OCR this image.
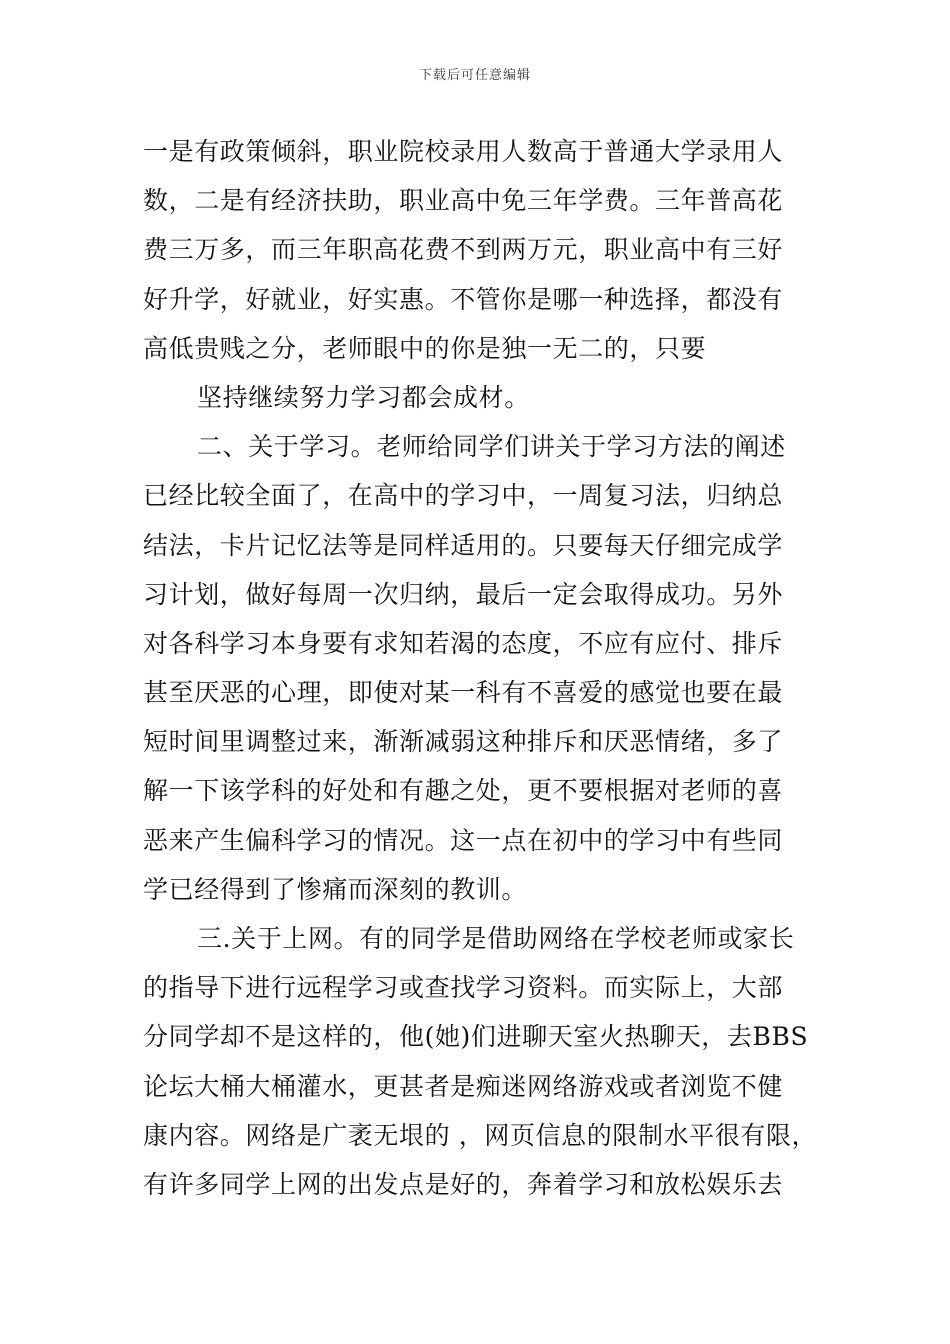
下载后可任意编辑
一是有政策倾斜，职业院校录用人数高于普通大学录用人
数，二是有经济扶助，职业高中免三年学费。三年普高花
费三万多，而三年职高花费不到两万元，职业高中有三好
好升学，好就业，好实惠。不管你是哪一种选择，都没有
高低贵贱之分，老师眼中的你是独一无二的，只要
坚持继续努力学习都会成材。
二、关于学习。老师给同学们讲关于学习方法的阐述
已经比较全面了，在高中的学习中，一周复习法，归纳总
结法，卡片记忆法等是同样适用的。只要每天仔细完成学
习计划，做好每周一次归纳，最后一定会取得成功。另外
对各科学习本身要有求知若渴的态度，不应有应付、排斥
甚至厌恶的心理，即使对某一科有不喜爱的感觉也要在最
短时间里调整过来，渐渐减弱这种排斥和厌恶情绪，多了
解一下该学科的好处和有趣之处，更不要根据对老师的喜
恶来产生偏科学习的情况。这一点在初中的学习中有些同
学已经得到了惨痛而深刻的教训。
三.关于上网。有的同学是借助网络在学校老师或家长
的指导下进行远程学习或查找学习资料。而实际上，大部
分同学却不是这样的，他(她)们进聊天室火热聊天，去BBS
论坛大桶大桶灌水，更甚者是痴迷网络游戏或者浏览不健
康内容。网络是广袤无垠的 ，网页信息的限制水平很有限，
有许多同学上网的出发点是好的，奔着学习和放松娱乐去
